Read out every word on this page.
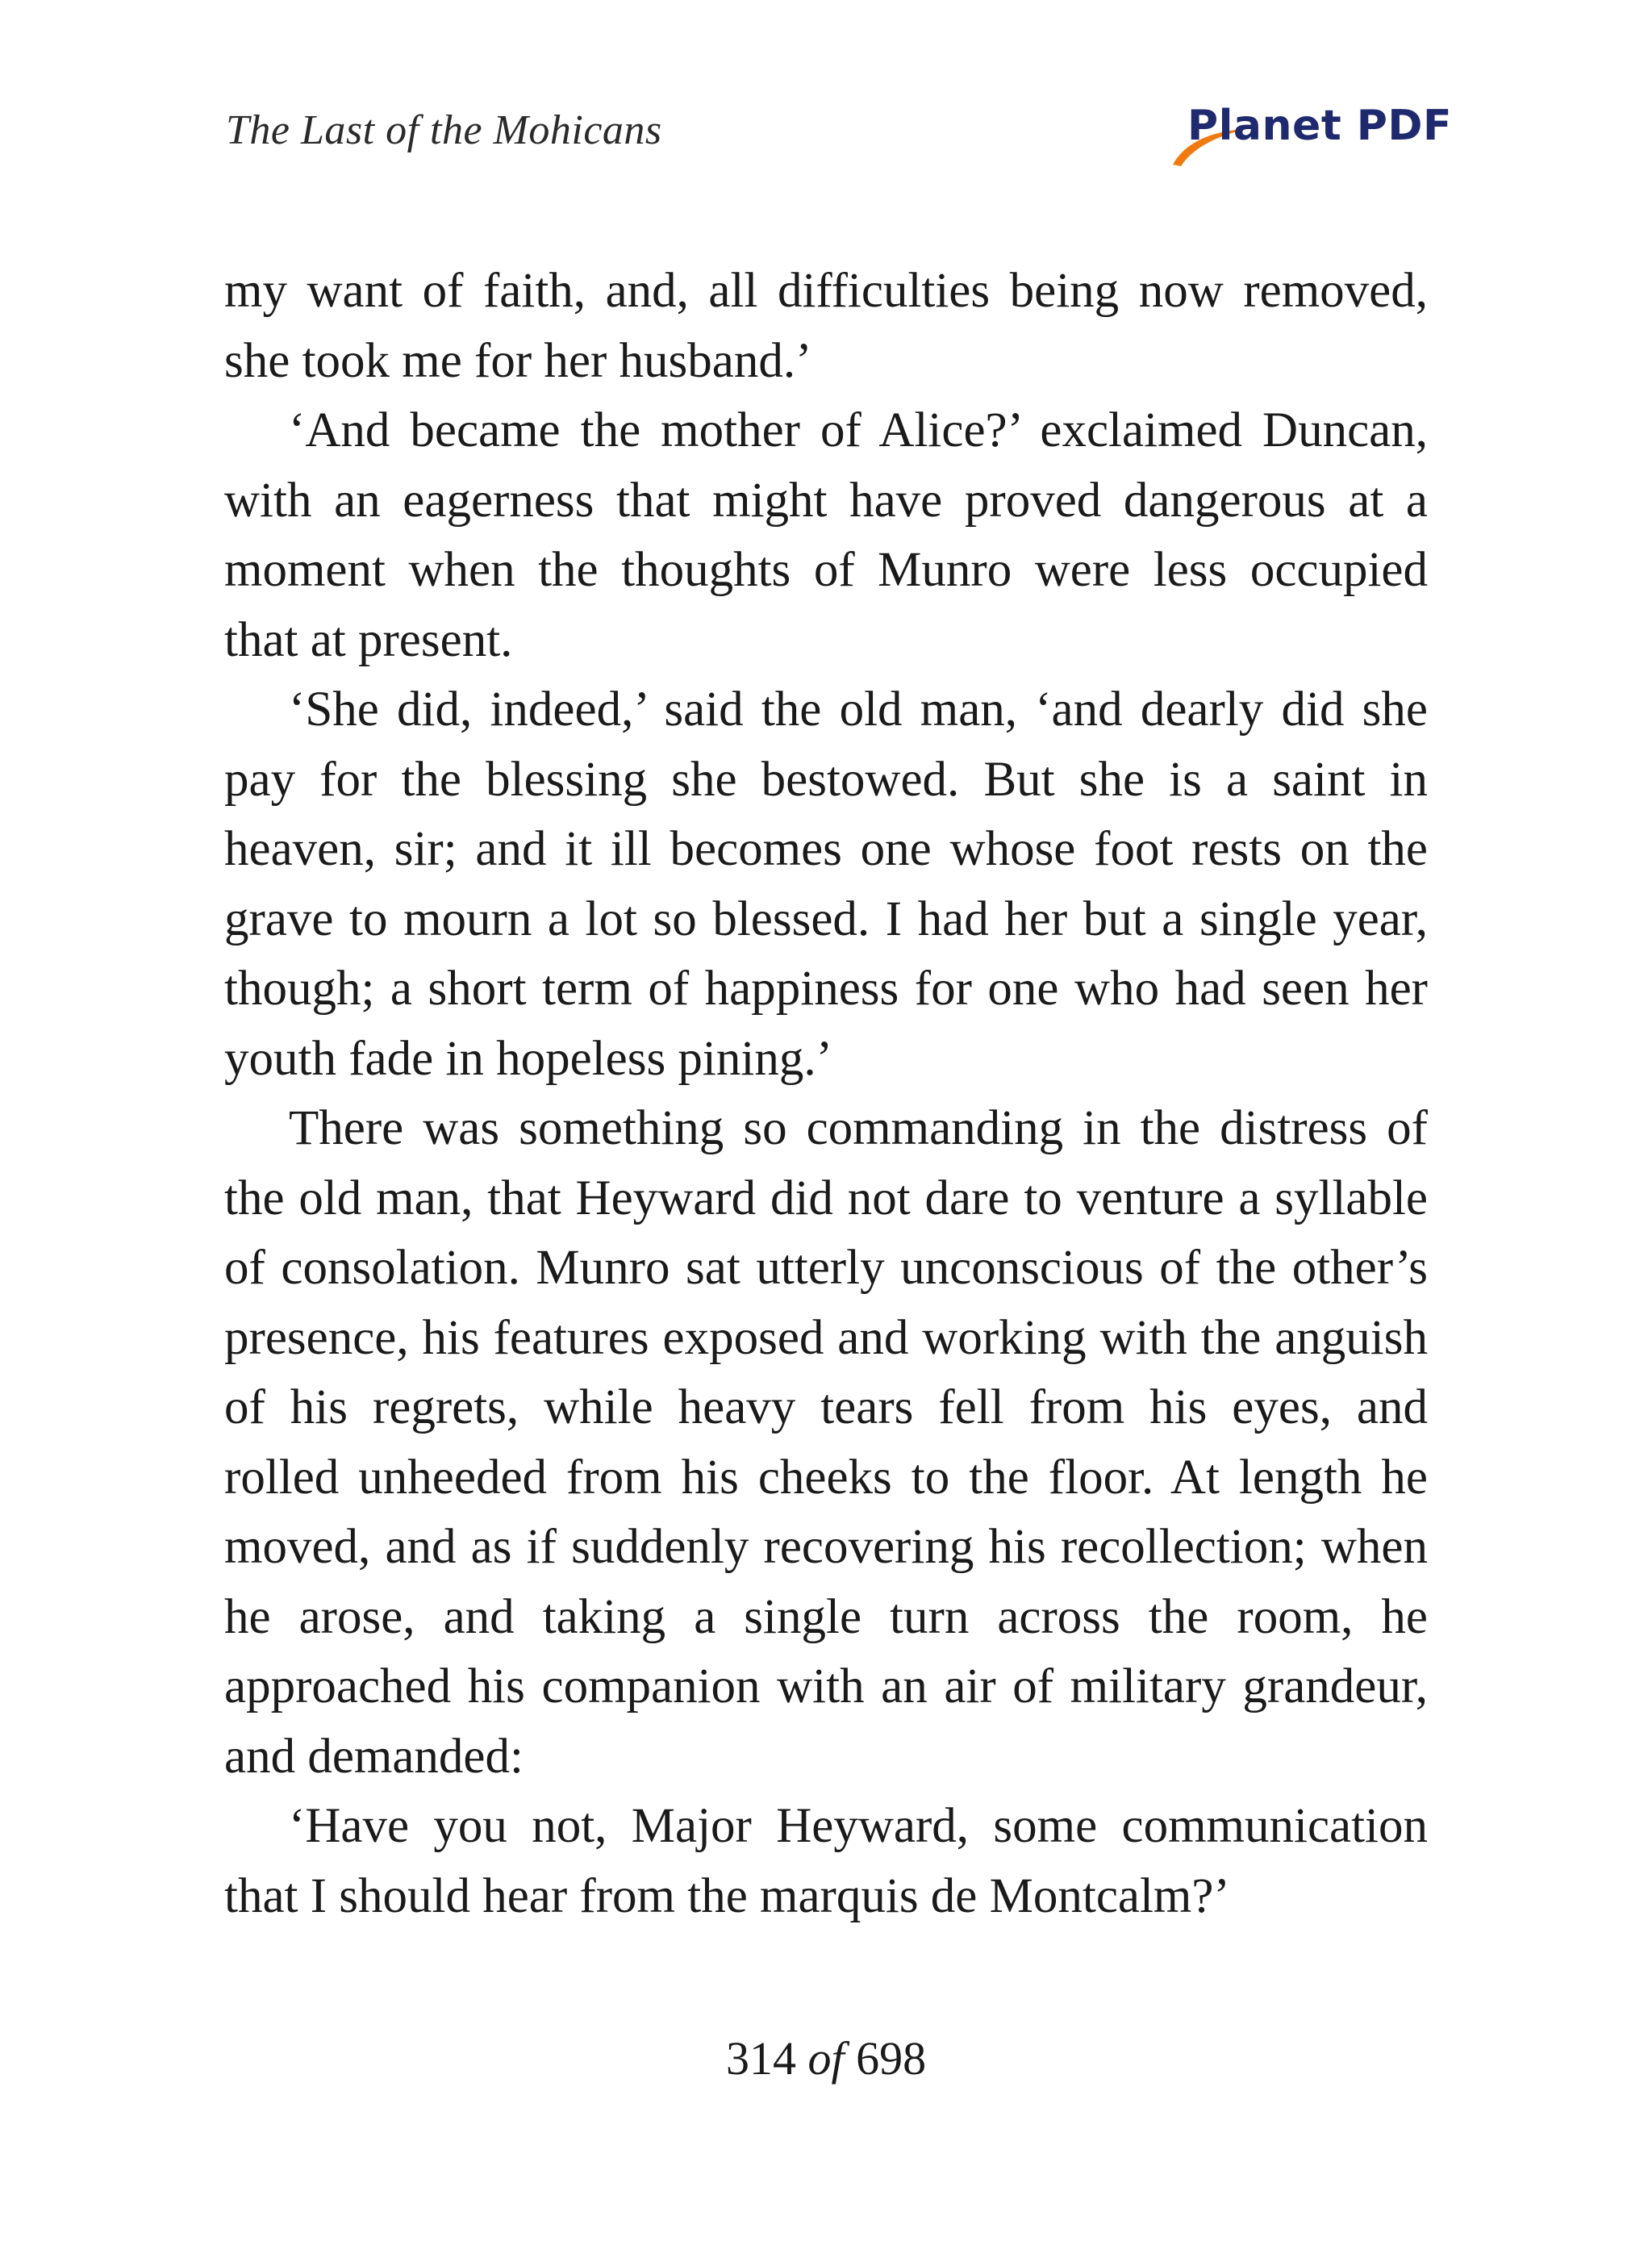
The Last of the Mohicans	Planet PDF

my want of faith, and, all difficulties being now removed, she took me for her husband.’

‘And became the mother of Alice?’ exclaimed Duncan, with an eagerness that might have proved dangerous at a moment when the thoughts of Munro were less occupied that at present.

‘She did, indeed,’ said the old man, ‘and dearly did she pay for the blessing she bestowed. But she is a saint in heaven, sir; and it ill becomes one whose foot rests on the grave to mourn a lot so blessed. I had her but a single year, though; a short term of happiness for one who had seen her youth fade in hopeless pining.’

There was something so commanding in the distress of the old man, that Heyward did not dare to venture a syllable of consolation. Munro sat utterly unconscious of the other’s presence, his features exposed and working with the anguish of his regrets, while heavy tears fell from his eyes, and rolled unheeded from his cheeks to the floor. At length he moved, and as if suddenly recovering his recollection; when he arose, and taking a single turn across the room, he approached his companion with an air of military grandeur, and demanded:

‘Have you not, Major Heyward, some communication that I should hear from the marquis de Montcalm?’

314 of 698
